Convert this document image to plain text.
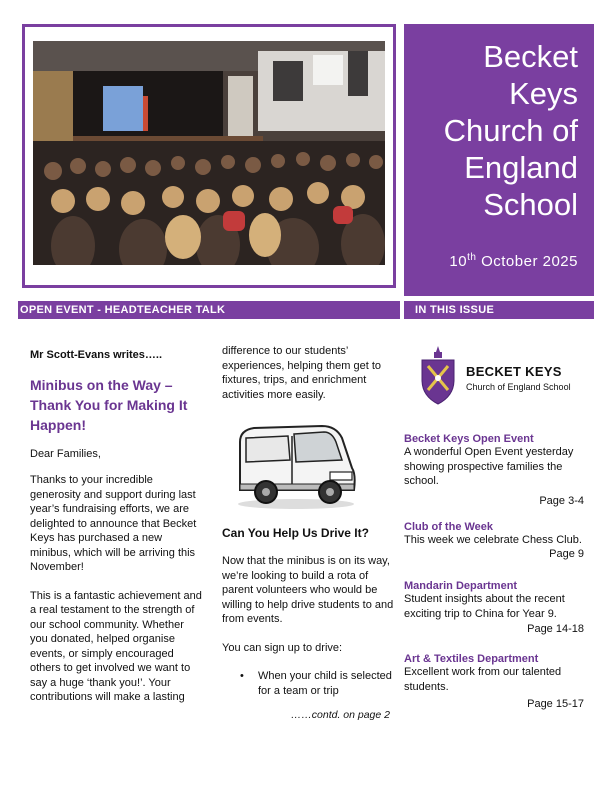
Becket
Keys
Church of
England
School
10th October 2025
OPEN EVENT - HEADTEACHER TALK	IN THIS ISSUE

Mr Scott-Evans writes…..

Minibus on the Way – Thank You for Making It Happen!

Dear Families,

Thanks to your incredible generosity and support during last year’s fundraising efforts, we are delighted to announce that Becket Keys has purchased a new minibus, which will be arriving this November!

This is a fantastic achievement and a real testament to the strength of our school community. Whether you donated, helped organise events, or simply encouraged others to get involved we want to say a huge ‘thank you!’. Your contributions will make a lasting

difference to our students’ experiences, helping them get to fixtures, trips, and enrichment activities more easily.

Can You Help Us Drive It?

Now that the minibus is on its way, we’re looking to build a rota of parent volunteers who would be willing to help drive students to and from events.

You can sign up to drive:

• When your child is selected for a team or trip

……contd. on page 2

BECKET KEYS
Church of England School
Becket Keys Open Event
A wonderful Open Event yesterday showing prospective families the school.
Page 3-4
Club of the Week
This week we celebrate Chess Club.
Page 9
Mandarin Department
Student insights about the recent exciting trip to China for Year 9.
Page 14-18
Art & Textiles Department
Excellent work from our talented students.
Page 15-17
